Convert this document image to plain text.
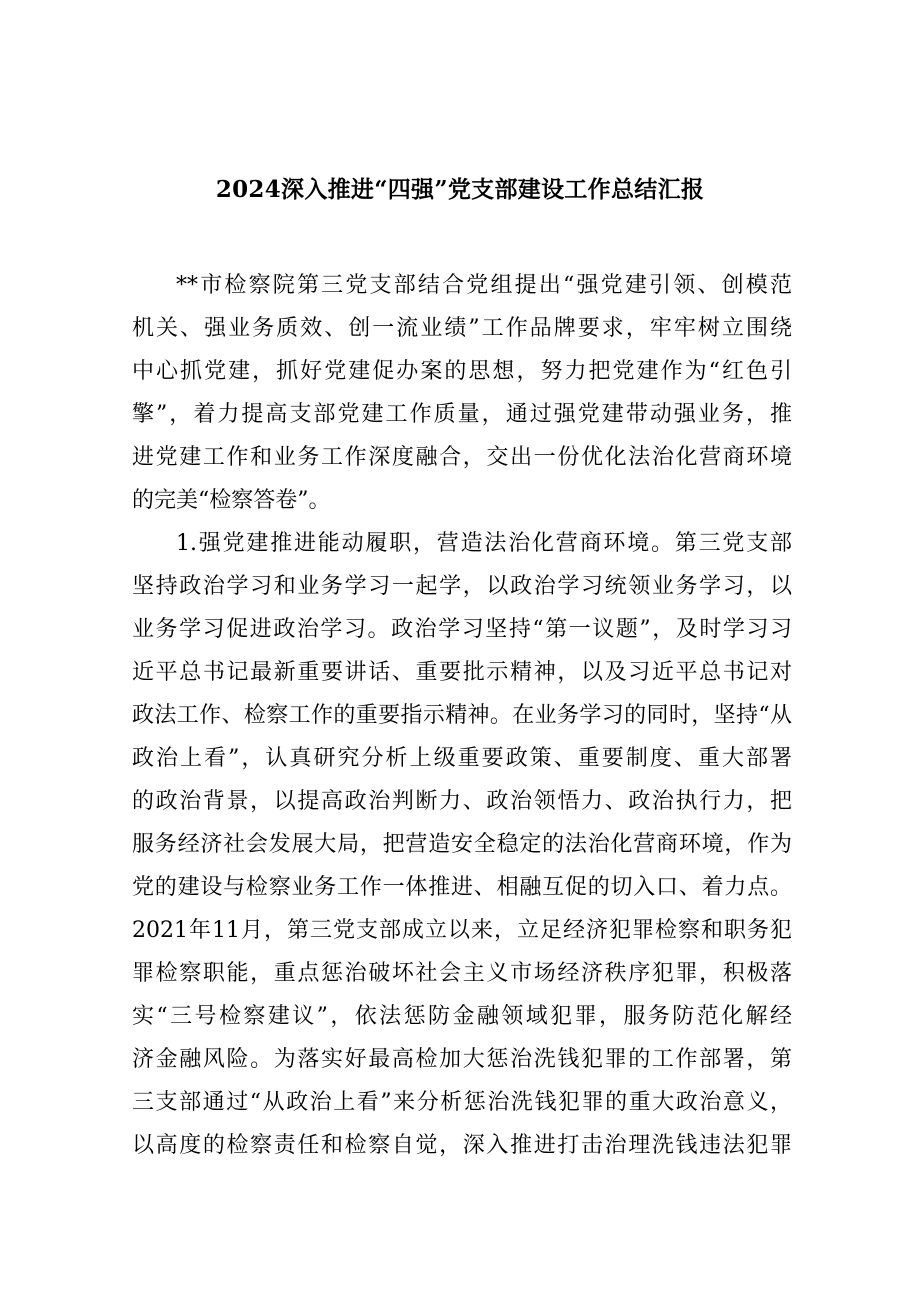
2024深入推进“四强”党支部建设工作总结汇报
**市检察院第三党支部结合党组提出“强党建引领、创模范
机关、强业务质效、创一流业绩”工作品牌要求，牢牢树立围绕
中心抓党建，抓好党建促办案的思想，努力把党建作为“红色引
擎”，着力提高支部党建工作质量，通过强党建带动强业务，推
进党建工作和业务工作深度融合，交出一份优化法治化营商环境
的完美“检察答卷”。
1.强党建推进能动履职，营造法治化营商环境。第三党支部
坚持政治学习和业务学习一起学，以政治学习统领业务学习，以
业务学习促进政治学习。政治学习坚持“第一议题”，及时学习习
近平总书记最新重要讲话、重要批示精神，以及习近平总书记对
政法工作、检察工作的重要指示精神。在业务学习的同时，坚持“从
政治上看”，认真研究分析上级重要政策、重要制度、重大部署
的政治背景，以提高政治判断力、政治领悟力、政治执行力，把
服务经济社会发展大局，把营造安全稳定的法治化营商环境，作为
党的建设与检察业务工作一体推进、相融互促的切入口、着力点。
2021年11月，第三党支部成立以来，立足经济犯罪检察和职务犯
罪检察职能，重点惩治破坏社会主义市场经济秩序犯罪，积极落
实“三号检察建议”，依法惩防金融领域犯罪，服务防范化解经
济金融风险。为落实好最高检加大惩治洗钱犯罪的工作部署，第
三支部通过“从政治上看”来分析惩治洗钱犯罪的重大政治意义，
以高度的检察责任和检察自觉，深入推进打击治理洗钱违法犯罪
